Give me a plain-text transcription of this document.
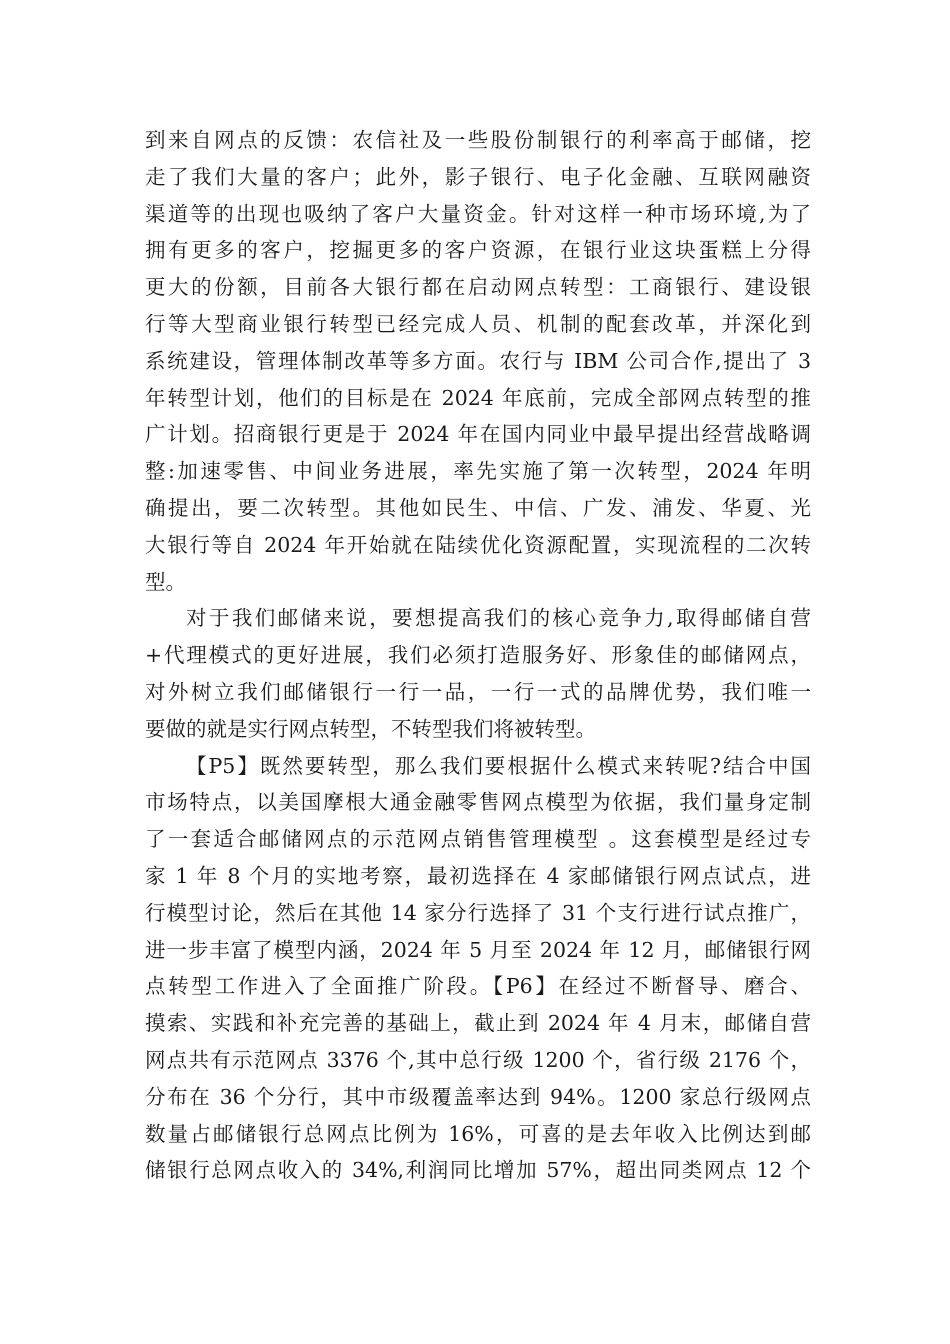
到来自网点的反馈：农信社及一些股份制银行的利率高于邮储，挖
走了我们大量的客户；此外，影子银行、电子化金融、互联网融资
渠道等的出现也吸纳了客户大量资金。针对这样一种市场环境,为了
拥有更多的客户，挖掘更多的客户资源，在银行业这块蛋糕上分得
更大的份额，目前各大银行都在启动网点转型：工商银行、建设银
行等大型商业银行转型已经完成人员、机制的配套改革，并深化到
系统建设，管理体制改革等多方面。农行与 IBM 公司合作,提出了 3
年转型计划，他们的目标是在 2024 年底前，完成全部网点转型的推
广计划。招商银行更是于 2024 年在国内同业中最早提出经营战略调
整:加速零售、中间业务进展，率先实施了第一次转型，2024 年明
确提出，要二次转型。其他如民生、中信、广发、浦发、华夏、光
大银行等自 2024 年开始就在陆续优化资源配置，实现流程的二次转
型。
对于我们邮储来说，要想提高我们的核心竞争力,取得邮储自营
+代理模式的更好进展，我们必须打造服务好、形象佳的邮储网点，
对外树立我们邮储银行一行一品，一行一式的品牌优势，我们唯一
要做的就是实行网点转型，不转型我们将被转型。
【P5】既然要转型，那么我们要根据什么模式来转呢?结合中国
市场特点，以美国摩根大通金融零售网点模型为依据，我们量身定制
了一套适合邮储网点的示范网点销售管理模型 。这套模型是经过专
家 1 年 8 个月的实地考察，最初选择在 4 家邮储银行网点试点，进
行模型讨论，然后在其他 14 家分行选择了 31 个支行进行试点推广，
进一步丰富了模型内涵，2024 年 5 月至 2024 年 12 月，邮储银行网
点转型工作进入了全面推广阶段。【P6】在经过不断督导、磨合、
摸索、实践和补充完善的基础上，截止到 2024 年 4 月末，邮储自营
网点共有示范网点 3376 个,其中总行级 1200 个，省行级 2176 个，
分布在 36 个分行，其中市级覆盖率达到 94%。1200 家总行级网点
数量占邮储银行总网点比例为 16%，可喜的是去年收入比例达到邮
储银行总网点收入的 34%,利润同比增加 57%，超出同类网点 12 个
